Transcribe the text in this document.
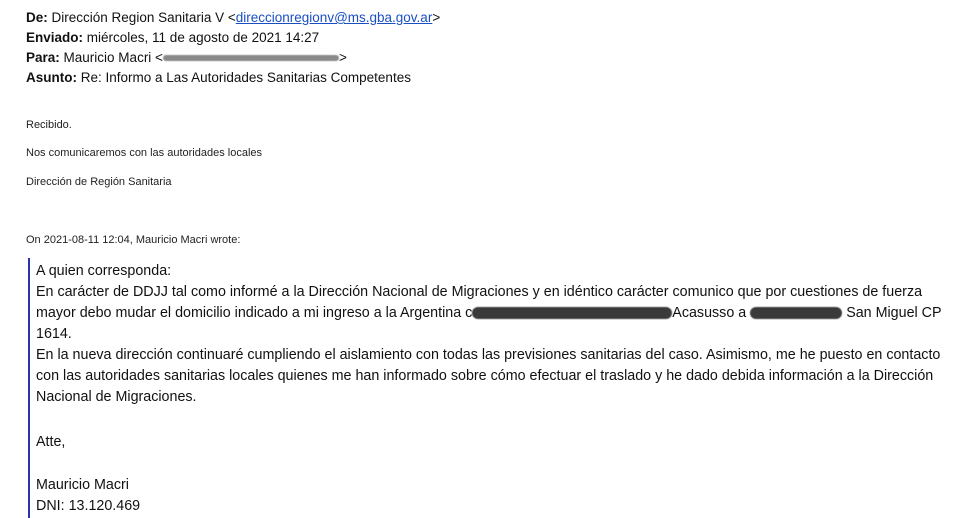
De: Dirección Region Sanitaria V <direccionregionv@ms.gba.gov.ar>
Enviado: miércoles, 11 de agosto de 2021 14:27
Para: Mauricio Macri <	>
Asunto: Re: Informo a Las Autoridades Sanitarias Competentes
Recibido.
Nos comunicaremos con las autoridades locales
Dirección de Región Sanitaria
On 2021-08-11 12:04, Mauricio Macri wrote:
A quien corresponda:
En carácter de DDJJ tal como informé a la Dirección Nacional de Migraciones y en idéntico carácter comunico que por cuestiones de fuerza
mayor debo mudar el domicilio indicado a mi ingreso a la Argentina c	Acasusso a	San Miguel CP
1614.
En la nueva dirección continuaré cumpliendo el aislamiento con todas las previsiones sanitarias del caso. Asimismo, me he puesto en contacto
con las autoridades sanitarias locales quienes me han informado sobre cómo efectuar el traslado y he dado debida información a la Dirección
Nacional de Migraciones.
Atte,
Mauricio Macri
DNI: 13.120.469
